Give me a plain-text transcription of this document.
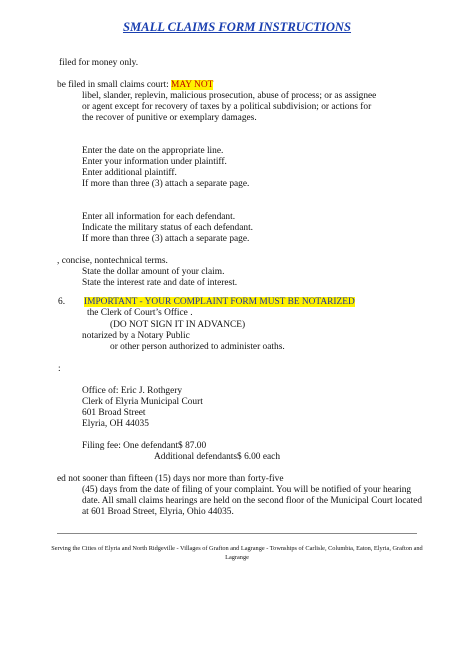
SMALL CLAIMS FORM INSTRUCTIONS

filed for money only.

be filed in small claims court: MAY NOT

libel, slander, replevin, malicious prosecution, abuse of process; or as assignee

or agent except for recovery of taxes by a political subdivision; or actions for

the recover of punitive or exemplary damages.

Enter the date on the appropriate line.

Enter your information under plaintiff.

Enter additional plaintiff.

If more than three (3) attach a separate page.

Enter all information for each defendant.

Indicate the military status of each defendant.

If more than three (3) attach a separate page.

, concise, nontechnical terms.

State the dollar amount of your claim.

State the interest rate and date of interest.

6. IMPORTANT - YOUR COMPLAINT FORM MUST BE NOTARIZED

the Clerk of Court’s Office .

(DO NOT SIGN IT IN ADVANCE)

notarized by a Notary Public

or other person authorized to administer oaths.

:

Office of: Eric J. Rothgery

Clerk of Elyria Municipal Court

601 Broad Street

Elyria, OH 44035

Filing fee: One defendant$ 87.00

Additional defendants$ 6.00 each

ed not sooner than fifteen (15) days nor more than forty-five

(45) days from the date of filing of your complaint. You will be notified of your hearing

date. All small claims hearings are held on the second floor of the Municipal Court located

at 601 Broad Street, Elyria, Ohio 44035.

Serving the Cities of Elyria and North Ridgeville - Villages of Grafton and Lagrange - Townships of Carlisle, Columbia, Eaton, Elyria, Grafton and Lagrange
